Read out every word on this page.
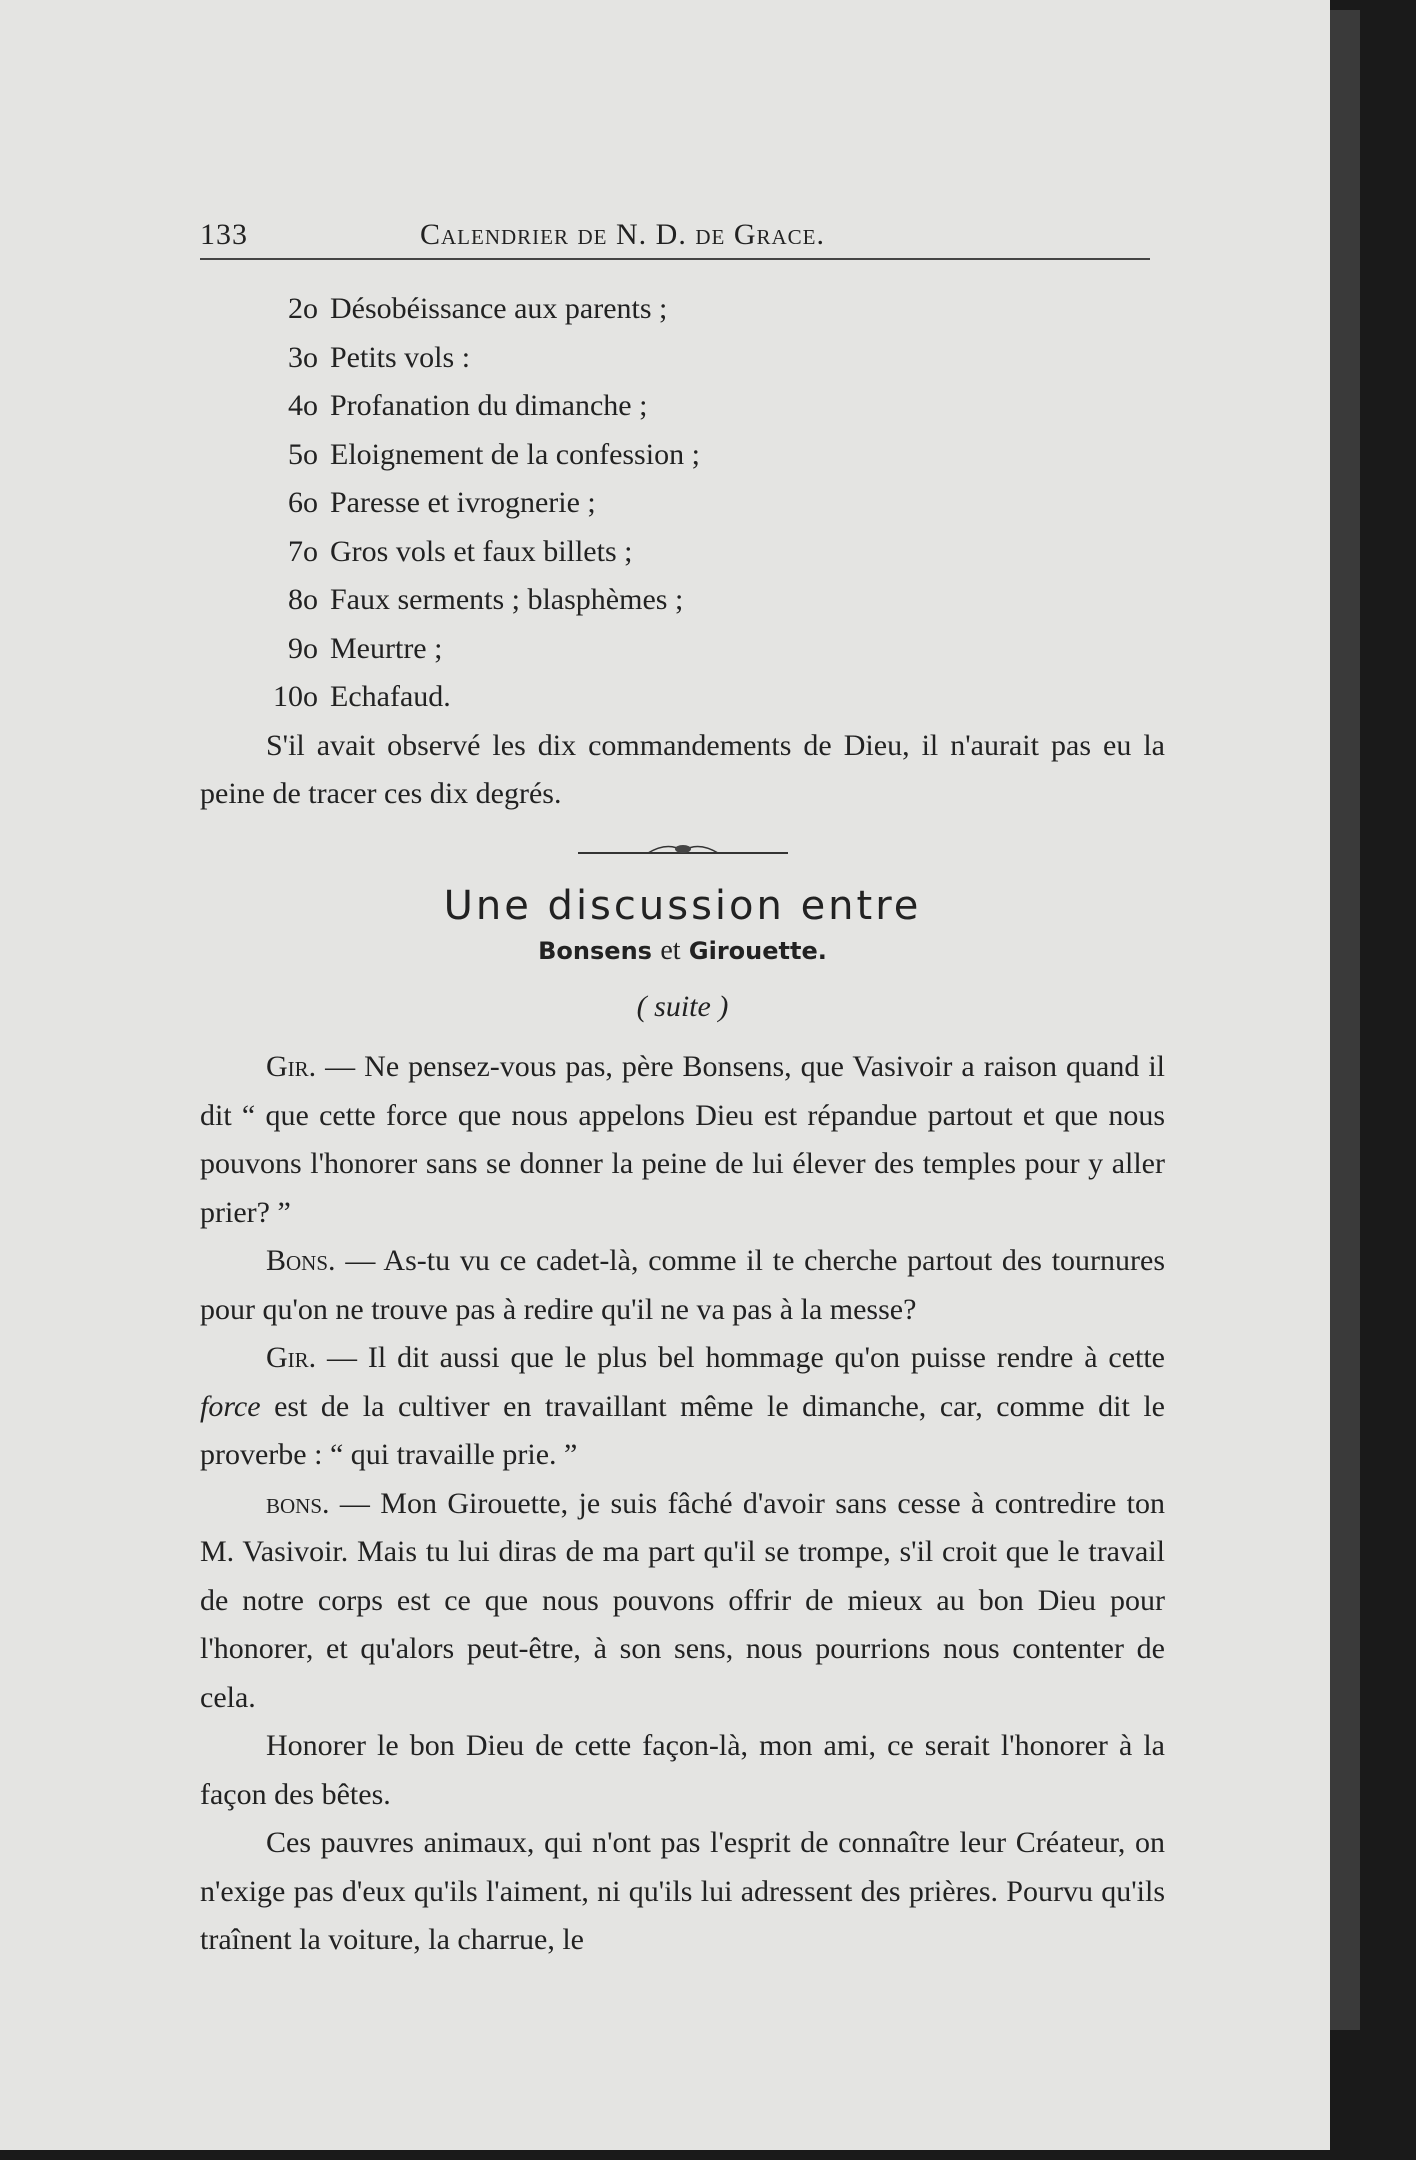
133	Calendrier de N. D. de Grace.
2o Désobéissance aux parents ;
3o Petits vols :
4o Profanation du dimanche ;
5o Eloignement de la confession ;
6o Paresse et ivrognerie ;
7o Gros vols et faux billets ;
8o Faux serments ; blasphèmes ;
9o Meurtre ;
10o Echafaud.

S'il avait observé les dix commandements de Dieu, il n'aurait pas eu la peine de tracer ces dix degrés.

Une discussion entre
Bonsens et Girouette.
( suite )

Gir. — Ne pensez-vous pas, père Bonsens, que Vasivoir a raison quand il dit “ que cette force que nous appelons Dieu est répandue partout et que nous pouvons l'honorer sans se donner la peine de lui élever des temples pour y aller prier? ”

Bons. — As-tu vu ce cadet-là, comme il te cherche partout des tournures pour qu'on ne trouve pas à redire qu'il ne va pas à la messe?

Gir. — Il dit aussi que le plus bel hommage qu'on puisse rendre à cette force est de la cultiver en travaillant même le dimanche, car, comme dit le proverbe : “ qui travaille prie. ”

bons. — Mon Girouette, je suis fâché d'avoir sans cesse à contredire ton M. Vasivoir. Mais tu lui diras de ma part qu'il se trompe, s'il croit que le travail de notre corps est ce que nous pouvons offrir de mieux au bon Dieu pour l'honorer, et qu'alors peut-être, à son sens, nous pourrions nous contenter de cela.

Honorer le bon Dieu de cette façon-là, mon ami, ce serait l'honorer à la façon des bêtes.

Ces pauvres animaux, qui n'ont pas l'esprit de connaître leur Créateur, on n'exige pas d'eux qu'ils l'aiment, ni qu'ils lui adressent des prières. Pourvu qu'ils traînent la voiture, la charrue, le
